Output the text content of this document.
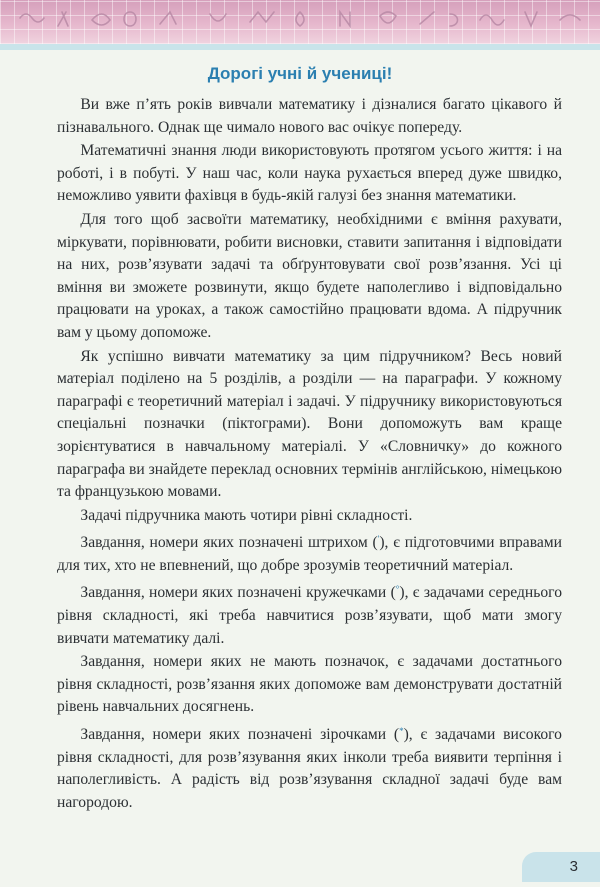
Дорогі учні й учениці!

Ви вже п’ять років вивчали математику і дізналися багато цікавого й пізнавального. Однак ще чимало нового вас очікує попереду.

Математичні знання люди використовують протягом усього життя: і на роботі, і в побуті. У наш час, коли наука рухається вперед дуже швидко, неможливо уявити фахівця в будь-якій галузі без знання математики.

Для того щоб засвоїти математику, необхідними є вміння рахувати, міркувати, порівнювати, робити висновки, ставити запитання і відповідати на них, розв’язувати задачі та обґрунтовувати свої розв’язання. Усі ці вміння ви зможете розвинути, якщо будете наполегливо і відповідально працювати на уроках, а також самостійно працювати вдома. А підручник вам у цьому допоможе.

Як успішно вивчати математику за цим підручником? Весь новий матеріал поділено на 5 розділів, а розділи — на параграфи. У кожному параграфі є теоретичний матеріал і задачі. У підручнику використовуються спеціальні позначки (піктограми). Вони допоможуть вам краще зорієнтуватися в навчальному матеріалі. У «Словничку» до кожного параграфа ви знайдете переклад основних термінів англійською, німецькою та французькою мовами.

Задачі підручника мають чотири рівні складності.

Завдання, номери яких позначені штрихом ('), є підготовчими вправами для тих, хто не впевнений, що добре зрозумів теоретичний матеріал.

Завдання, номери яких позначені кружечками (°), є задачами середнього рівня складності, які треба навчитися розв’язувати, щоб мати змогу вивчати математику далі.

Завдання, номери яких не мають позначок, є задачами достатнього рівня складності, розв’язання яких допоможе вам демонструвати достатній рівень навчальних досягнень.

Завдання, номери яких позначені зірочками (*), є задачами високого рівня складності, для розв’язування яких інколи треба виявити терпіння і наполегливість. А радість від розв’язування складної задачі буде вам нагородою.

3
